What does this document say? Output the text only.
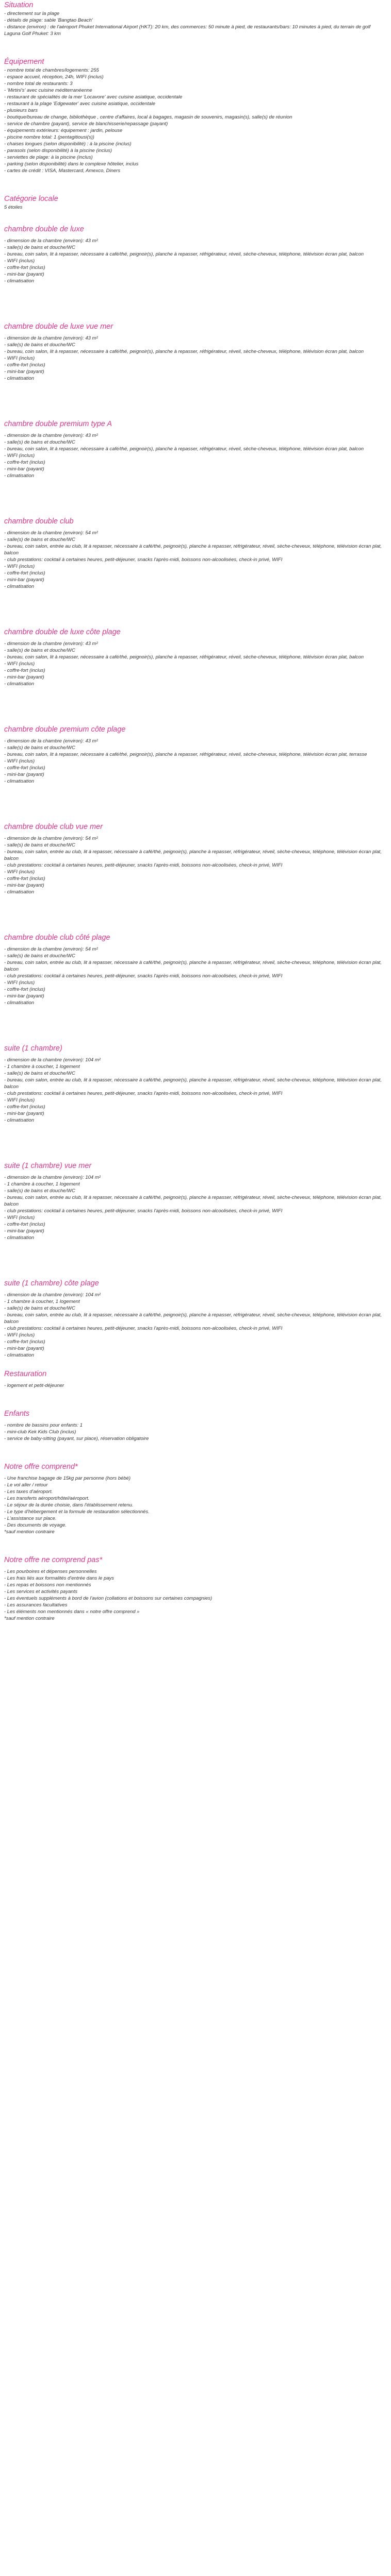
Situation

- directement sur la plage

- détails de plage: sable 'Bangtao Beach'

- distance (environ) : de l'aéroport Phuket International Airport (HKT): 20 km, des commerces: 50 minute à pied, de restaurants/bars: 10 minutes à pied, du terrain de golf Laguna Golf Phuket: 3 km

Équipement

- nombre total de chambres/logements: 255

- espace accueil, réception, 24h, WIFI (inclus)

- nombre total de restaurants: 3

- 'Mirtini's' avec cuisine méditerranéenne

- restaurant de spécialités de la mer 'Locavore' avec cuisine asiatique, occidentale

- restaurant à la plage 'Edgewater' avec cuisine asiatique, occidentale

- plusieurs bars

- boutique/bureau de change, bibliothèque , centre d'affaires, local à bagages, magasin de souvenirs, magasin(s), salle(s) de réunion

- service de chambre (payant), service de blanchisserie/repassage (payant)

- équipements extérieurs: équipement : jardin, pelouse

- piscine nombre total: 1 (pentagitiousi(s))

- chaises longues (selon disponibilité) : à la piscine (inclus)

- parasols (selon disponibilité) à la piscine (inclus)

- serviettes de plage: à la piscine (inclus)

- parking (selon disponibilité) dans le complexe hôtelier, inclus

- cartes de crédit : VISA, Mastercard, Amexco, Diners

Catégorie locale

5 étoiles

chambre double de luxe

- dimension de la chambre (environ): 43 m²

- salle(s) de bains et douche/WC

- bureau, coin salon, lit à repasser, nécessaire à café/thé, peignoir(s), planche à repasser, réfrigérateur, réveil, sèche-cheveux, téléphone, télévision écran plat, balcon

- WIFI (inclus)

- coffre-fort (inclus)

- mini-bar (payant)

- climatisation

chambre double de luxe vue mer

- dimension de la chambre (environ): 43 m²

- salle(s) de bains et douche/WC

- bureau, coin salon, lit à repasser, nécessaire à café/thé, peignoir(s), planche à repasser, réfrigérateur, réveil, sèche-cheveux, téléphone, télévision écran plat, balcon

- WIFI (inclus)

- coffre-fort (inclus)

- mini-bar (payant)

- climatisation

chambre double premium type A

- dimension de la chambre (environ): 43 m²

- salle(s) de bains et douche/WC

- bureau, coin salon, lit à repasser, nécessaire à café/thé, peignoir(s), planche à repasser, réfrigérateur, réveil, sèche-cheveux, téléphone, télévision écran plat, balcon

- WIFI (inclus)

- coffre-fort (inclus)

- mini-bar (payant)

- climatisation

chambre double club

- dimension de la chambre (environ): 54 m²

- salle(s) de bains et douche/WC

- bureau, coin salon, entrée au club, lit à repasser, nécessaire à café/thé, peignoir(s), planche à repasser, réfrigérateur, réveil, sèche-cheveux, téléphone, télévision écran plat, balcon

- club prestations: cocktail à certaines heures, petit-déjeuner, snacks l'après-midi, boissons non-alcoolisées, check-in privé, WIFI

- WIFI (inclus)

- coffre-fort (inclus)

- mini-bar (payant)

- climatisation

chambre double de luxe côte plage

- dimension de la chambre (environ): 43 m²

- salle(s) de bains et douche/WC

- bureau, coin salon, lit à repasser, nécessaire à café/thé, peignoir(s), planche à repasser, réfrigérateur, réveil, sèche-cheveux, téléphone, télévision écran plat, balcon

- WIFI (inclus)

- coffre-fort (inclus)

- mini-bar (payant)

- climatisation

chambre double premium côte plage

- dimension de la chambre (environ): 43 m²

- salle(s) de bains et douche/WC

- bureau, coin salon, lit à repasser, nécessaire à café/thé, peignoir(s), planche à repasser, réfrigérateur, réveil, sèche-cheveux, téléphone, télévision écran plat, terrasse

- WIFI (inclus)

- coffre-fort (inclus)

- mini-bar (payant)

- climatisation

chambre double club vue mer

- dimension de la chambre (environ): 54 m²

- salle(s) de bains et douche/WC

- bureau, coin salon, entrée au club, lit à repasser, nécessaire à café/thé, peignoir(s), planche à repasser, réfrigérateur, réveil, sèche-cheveux, téléphone, télévision écran plat, balcon

- club prestations: cocktail à certaines heures, petit-déjeuner, snacks l'après-midi, boissons non-alcoolisées, check-in privé, WIFI

- WIFI (inclus)

- coffre-fort (inclus)

- mini-bar (payant)

- climatisation

chambre double club côté plage

- dimension de la chambre (environ): 54 m²

- salle(s) de bains et douche/WC

- bureau, coin salon, entrée au club, lit à repasser, nécessaire à café/thé, peignoir(s), planche à repasser, réfrigérateur, réveil, sèche-cheveux, téléphone, télévision écran plat, balcon

- club prestations: cocktail à certaines heures, petit-déjeuner, snacks l'après-midi, boissons non-alcoolisées, check-in privé, WIFI

- WIFI (inclus)

- coffre-fort (inclus)

- mini-bar (payant)

- climatisation

suite (1 chambre)

- dimension de la chambre (environ): 104 m²

- 1 chambre à coucher, 1 logement

- salle(s) de bains et douche/WC

- bureau, coin salon, entrée au club, lit à repasser, nécessaire à café/thé, peignoir(s), planche à repasser, réfrigérateur, réveil, sèche-cheveux, téléphone, télévision écran plat, balcon

- club prestations: cocktail à certaines heures, petit-déjeuner, snacks l'après-midi, boissons non-alcoolisées, check-in privé, WIFI

- WIFI (inclus)

- coffre-fort (inclus)

- mini-bar (payant)

- climatisation

suite (1 chambre) vue mer

- dimension de la chambre (environ): 104 m²

- 1 chambre à coucher, 1 logement

- salle(s) de bains et douche/WC

- bureau, coin salon, entrée au club, lit à repasser, nécessaire à café/thé, peignoir(s), planche à repasser, réfrigérateur, réveil, sèche-cheveux, téléphone, télévision écran plat, balcon

- club prestations: cocktail à certaines heures, petit-déjeuner, snacks l'après-midi, boissons non-alcoolisées, check-in privé, WIFI

- WIFI (inclus)

- coffre-fort (inclus)

- mini-bar (payant)

- climatisation

suite (1 chambre) côte plage

- dimension de la chambre (environ): 104 m²

- 1 chambre à coucher, 1 logement

- salle(s) de bains et douche/WC

- bureau, coin salon, entrée au club, lit à repasser, nécessaire à café/thé, peignoir(s), planche à repasser, réfrigérateur, réveil, sèche-cheveux, téléphone, télévision écran plat, balcon

- club prestations: cocktail à certaines heures, petit-déjeuner, snacks l'après-midi, boissons non-alcoolisées, check-in privé, WIFI

- WIFI (inclus)

- coffre-fort (inclus)

- mini-bar (payant)

- climatisation

Restauration

- logement et petit-déjeuner

Enfants

- nombre de bassins pour enfants: 1

- mini-club Kek Kids Club (inclus)

- service de baby-sitting (payant, sur place), réservation obligatoire

Notre offre comprend*

- Une franchise bagage de 15kg par personne (hors bébé)

- Le vol aller / retour

- Les taxes d'aéroport.

- Les transferts aéroport/hôtel/aéroport.

- Le séjour de la durée choisie, dans l'établissement retenu.

- Le type d'hébergement et la formule de restauration sélectionnés.

- L'assistance sur place.

- Des documents de voyage.

*sauf mention contraire

Notre offre ne comprend pas*

- Les pourboires et dépenses personnelles

- Les frais liés aux formalités d'entrée dans le pays

- Les repas et boissons non mentionnés

- Les services et activités payants

- Les éventuels suppléments à bord de l'avion (collations et boissons sur certaines compagnies)

- Les assurances facultatives

- Les éléments non mentionnés dans « notre offre comprend »

*sauf mention contraire
